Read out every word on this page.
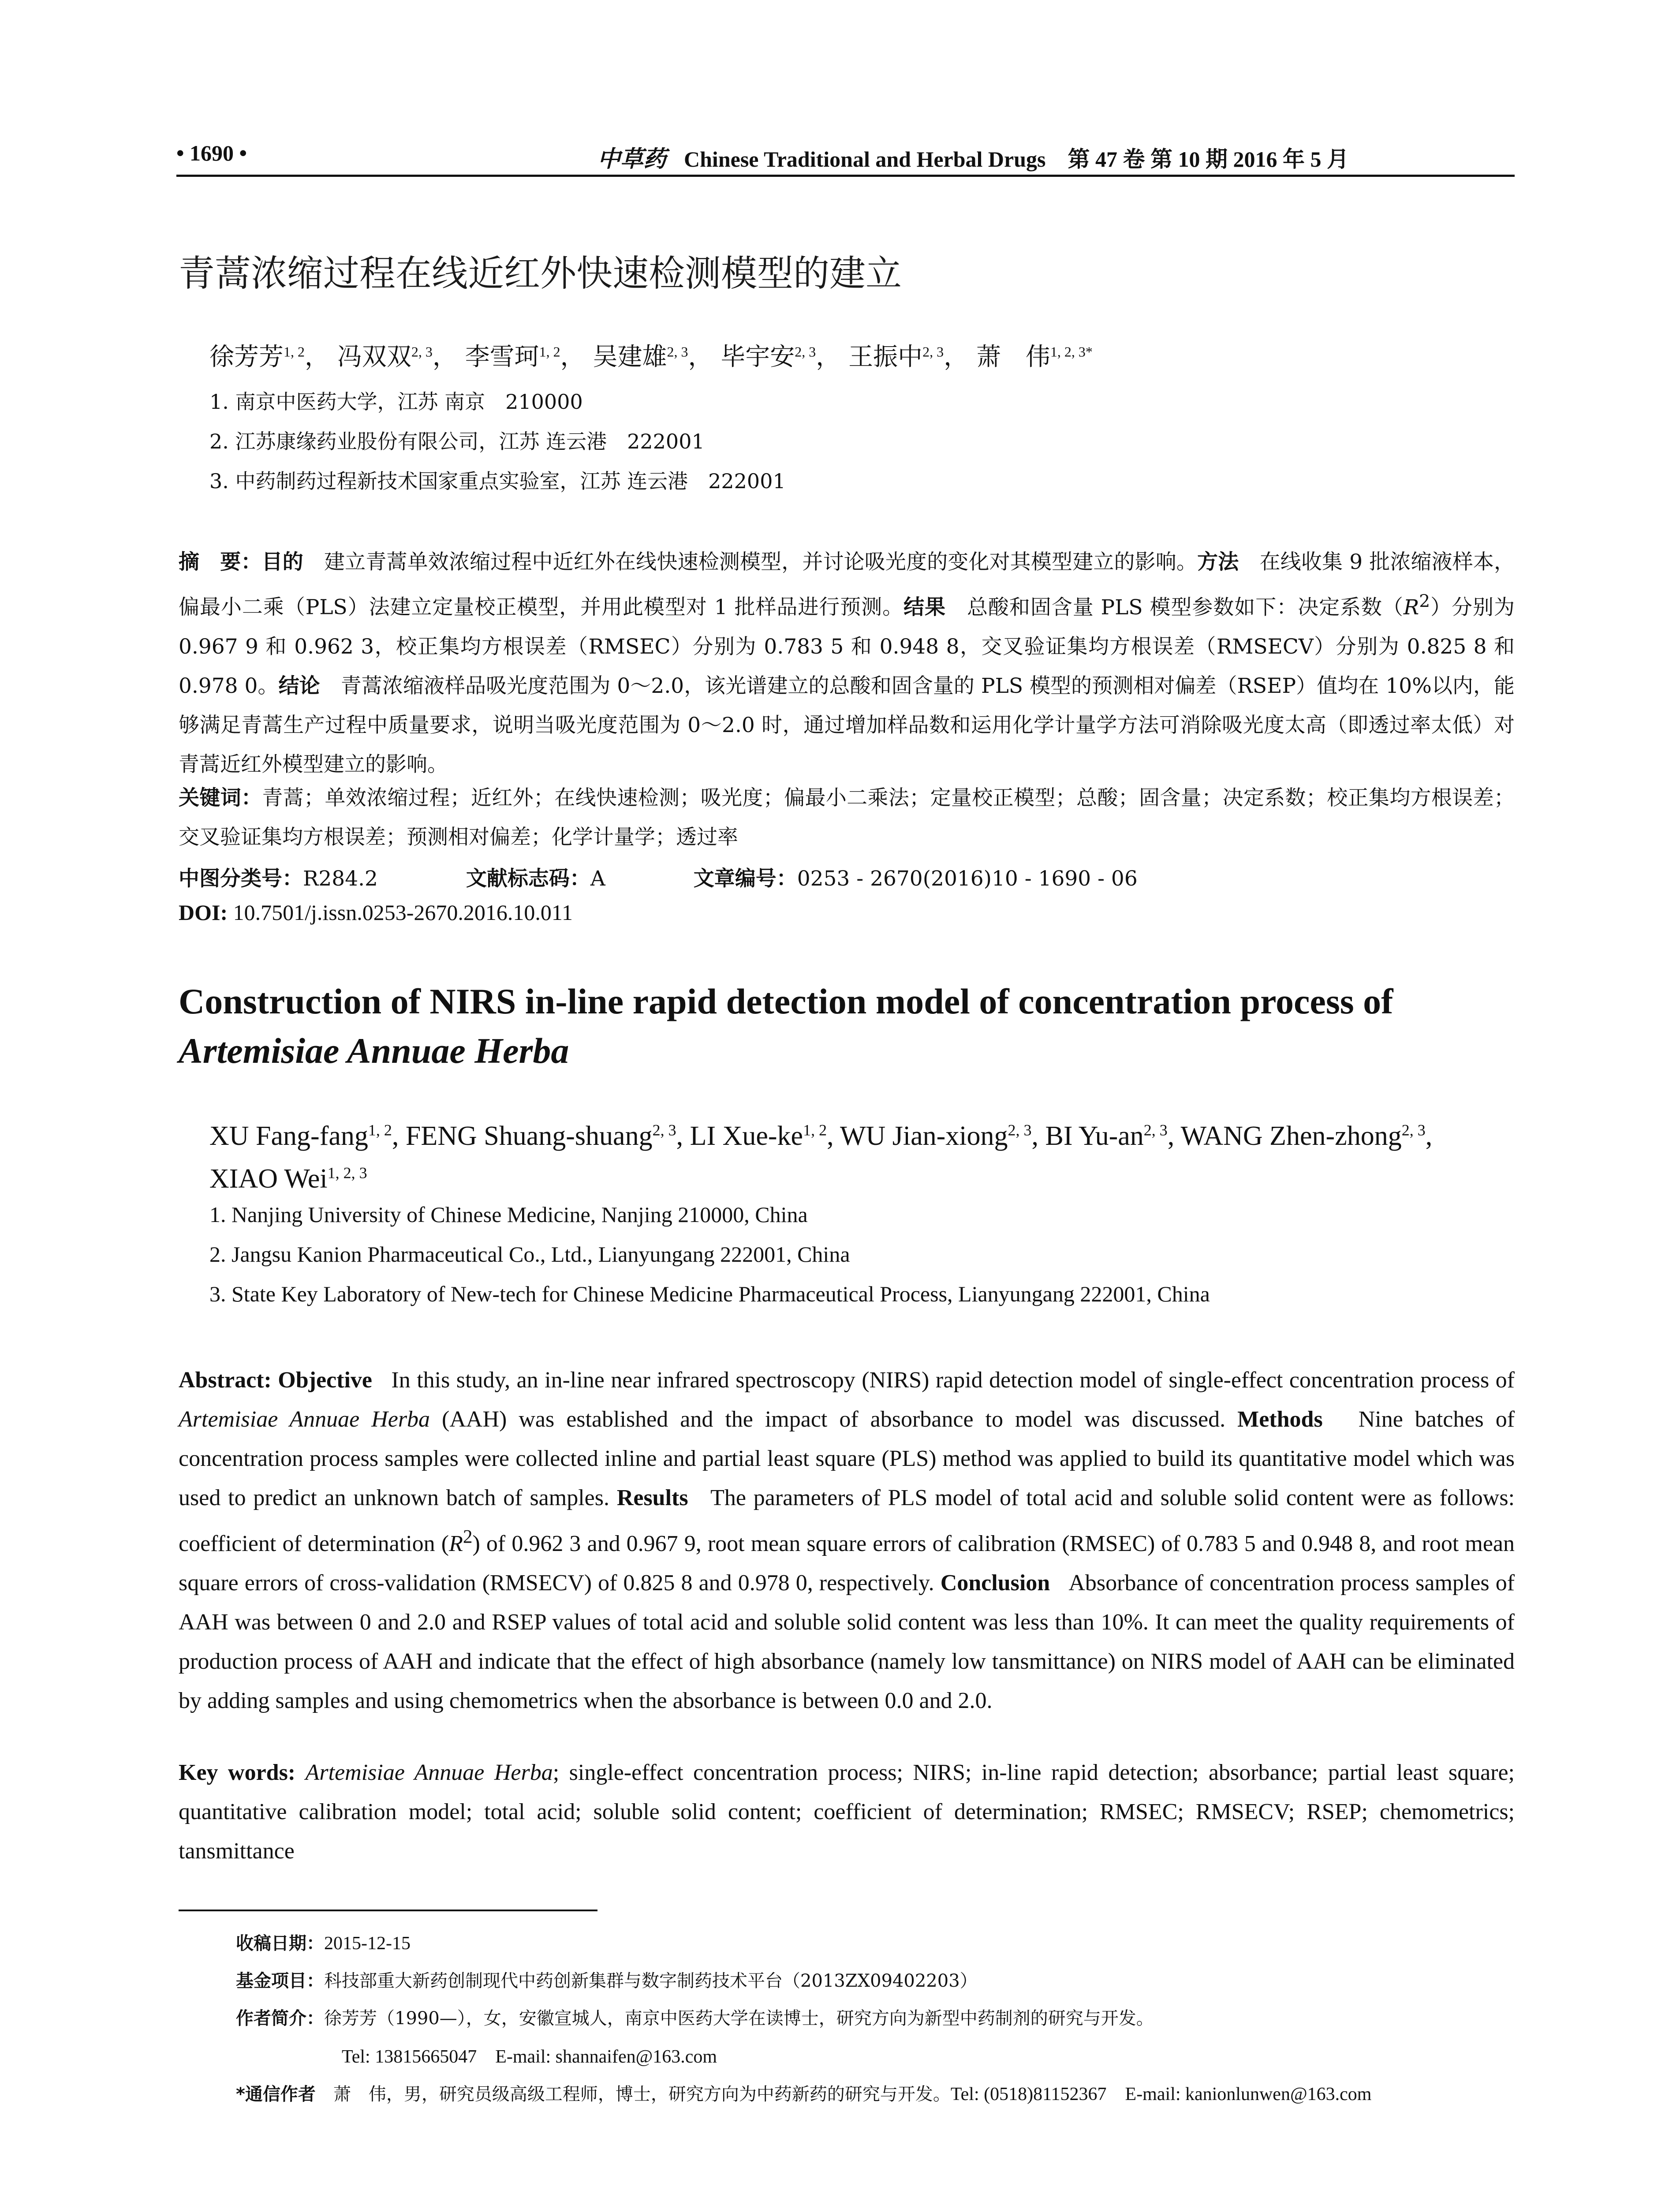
• 1690 •	中草药 Chinese Traditional and Herbal Drugs 第 47 卷 第 10 期 2016 年 5 月
青蒿浓缩过程在线近红外快速检测模型的建立
徐芳芳$^{1, 2}$， 冯双双$^{2, 3}$， 李雪珂$^{1, 2}$， 吴建雄$^{2, 3}$， 毕宇安$^{2, 3}$， 王振中$^{2, 3}$， 萧　伟$^{1, 2, 3*}$
1. 南京中医药大学，江苏 南京　210000
2. 江苏康缘药业股份有限公司，江苏 连云港　222001
3. 中药制药过程新技术国家重点实验室，江苏 连云港　222001
摘　要：目的　 建立青蒿单效浓缩过程中近红外在线快速检测模型，并讨论吸光度的变化对其模型建立的影响。方法　 在线收集 9 批浓缩液样本，偏最小二乘（PLS）法建立定量校正模型，并用此模型对 1 批样品进行预测。结果　 总酸和固含量 PLS 模型参数如下：决定系数$(R^2)$分别为 0.967 9 和 0.962 3，校正集均方根误差（RMSEC）分别为 0.783 5 和 0.948 8，交叉验证集均方根误差（RMSECV）分别为 0.825 8 和 0.978 0。结论　 青蒿浓缩液样品吸光度范围为 0～2.0，该光谱建立的总酸和固含量的 PLS 模型的预测相对偏差（RSEP）值均在 10%以内，能够满足青蒿生产过程中质量要求，说明当吸光度范围为 0～2.0 时，通过增加样品数和运用化学计量学方法可消除吸光度太高（即透过率太低）对青蒿近红外模型建立的影响。
关键词：青蒿；单效浓缩过程；近红外；在线快速检测；吸光度；偏最小二乘法；定量校正模型；总酸；固含量；决定系数；校正集均方根误差；交叉验证集均方根误差；预测相对偏差；化学计量学；透过率
中图分类号：R284.2	文献标志码：A	文章编号：0253 - 2670(2016)10 - 1690 - 06
DOI: 10.7501/j.issn.0253-2670.2016.10.011
Construction of NIRS in-line rapid detection model of concentration process of
Artemisiae Annuae Herba
XU Fang-fang$^{1, 2}$, FENG Shuang-shuang$^{2, 3}$, LI Xue-ke$^{1, 2}$, WU Jian-xiong$^{2, 3}$, BI Yu-an$^{2, 3}$, WANG Zhen-zhong$^{2, 3}$,
XIAO Wei$^{1, 2, 3}$
1. Nanjing University of Chinese Medicine, Nanjing 210000, China
2. Jangsu Kanion Pharmaceutical Co., Ltd., Lianyungang 222001, China
3. State Key Laboratory of New-tech for Chinese Medicine Pharmaceutical Process, Lianyungang 222001, China
Abstract: Objective In this study, an in-line near infrared spectroscopy (NIRS) rapid detection model of single-effect concentration process of Artemisiae Annuae Herba (AAH) was established and the impact of absorbance to model was discussed. Methods Nine batches of concentration process samples were collected inline and partial least square (PLS) method was applied to build its quantitative model which was used to predict an unknown batch of samples. Results The parameters of PLS model of total acid and soluble solid content were as follows: coefficient of determination $(R^2)$ of 0.962 3 and 0.967 9, root mean square errors of calibration (RMSEC) of 0.783 5 and 0.948 8, and root mean square errors of cross-validation (RMSECV) of 0.825 8 and 0.978 0, respectively. Conclusion Absorbance of concentration process samples of AAH was between 0 and 2.0 and RSEP values of total acid and soluble solid content was less than 10%. It can meet the quality requirements of production process of AAH and indicate that the effect of high absorbance (namely low tansmittance) on NIRS model of AAH can be eliminated by adding samples and using chemometrics when the absorbance is between 0.0 and 2.0.
Key words: Artemisiae Annuae Herba; single-effect concentration process; NIRS; in-line rapid detection; absorbance; partial least square; quantitative calibration model; total acid; soluble solid content; coefficient of determination; RMSEC; RMSECV; RSEP; chemometrics; tansmittance
收稿日期：2015-12-15
基金项目：科技部重大新药创制现代中药创新集群与数字制药技术平台（2013ZX09402203）
作者简介：徐芳芳（1990—），女，安徽宣城人，南京中医药大学在读博士，研究方向为新型中药制剂的研究与开发。
Tel: 13815665047　E-mail: shannaifen@163.com
*通信作者　 萧　伟，男，研究员级高级工程师，博士，研究方向为中药新药的研究与开发。Tel: (0518)81152367　E-mail: kanionlunwen@163.com
